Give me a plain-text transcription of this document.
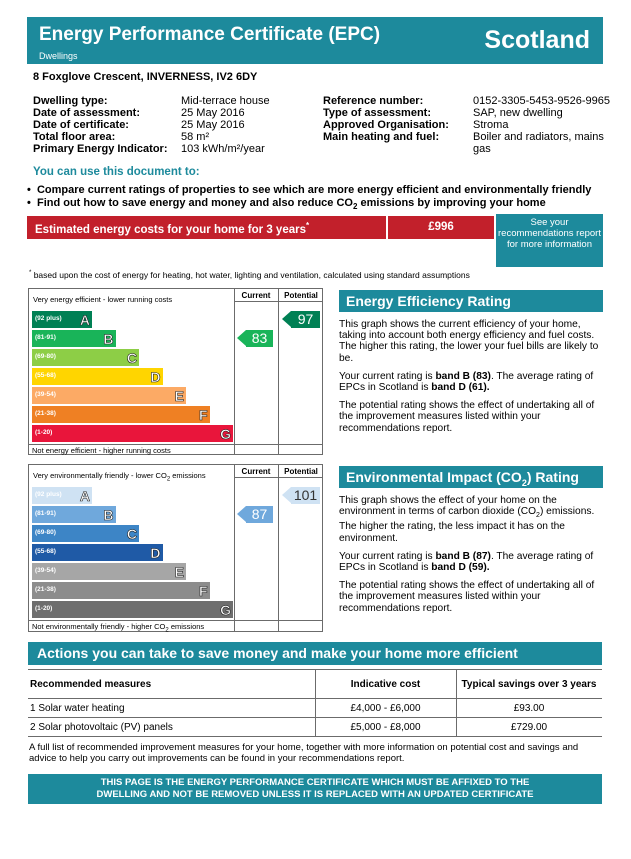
Energy Performance Certificate (EPC)
Dwellings
Scotland
8 Foxglove Crescent, INVERNESS, IV2 6DY
Dwelling type:	Mid-terrace house
Date of assessment:	25 May 2016
Date of certificate:	25 May 2016
Total floor area:	58 m²
Primary Energy Indicator: 103 kWh/m²/year
Reference number:	0152-3305-5453-9526-9965
Type of assessment:	SAP, new dwelling
Approved Organisation: Stroma
Main heating and fuel:	Boiler and radiators, mains gas
You can use this document to:
•  Compare current ratings of properties to see which are more energy efficient and environmentally friendly
•  Find out how to save energy and money and also reduce $CO_2$ emissions by improving your home
Estimated energy costs for your home for 3 years*	£996	See your recommendations report for more information
* based upon the cost of energy for heating, hot water, lighting and ventilation, calculated using standard assumptions
Current	Potential
Very energy efficient - lower running costs
Not energy efficient - higher running costs
(92 plus) A
(81-91)	B
(69-80)	C
(55-68)	D
(39-54)	E
(21-38)	F
(1-20)	G
83
97
Current	Potential
Very environmentally friendly - lower $CO_2$ emissions
Not environmentally friendly - higher $CO_2$ emissions
(92 plus) A
(81-91)	B
(69-80)	C
(55-68)	D
(39-54)	E
(21-38)	F
(1-20)	G
87
101
Energy Efficiency Rating

This graph shows the current efficiency of your home, taking into account both energy efficiency and fuel costs. The higher this rating, the lower your fuel bills are likely to be.

Your current rating is band B (83). The average rating of EPCs in Scotland is band D (61).

The potential rating shows the effect of undertaking all of the improvement measures listed within your recommendations report.

Environmental Impact $(CO_2)$ Rating

This graph shows the effect of your home on the environment in terms of carbon dioxide $(CO_2)$ emissions. The higher the rating, the less impact it has on the environment.

Your current rating is band B (87). The average rating of EPCs in Scotland is band D (59).

The potential rating shows the effect of undertaking all of the improvement measures listed within your recommendations report.

Actions you can take to save money and make your home more efficient
Recommended measures	Indicative cost	Typical savings over 3 years
1 Solar water heating	£4,000 - £6,000	£93.00
2 Solar photovoltaic (PV) panels	£5,000 - £8,000	£729.00
A full list of recommended improvement measures for your home, together with more information on potential cost and savings and advice to help you carry out improvements can be found in your recommendations report.
THIS PAGE IS THE ENERGY PERFORMANCE CERTIFICATE WHICH MUST BE AFFIXED TO THE
DWELLING AND NOT BE REMOVED UNLESS IT IS REPLACED WITH AN UPDATED CERTIFICATE
